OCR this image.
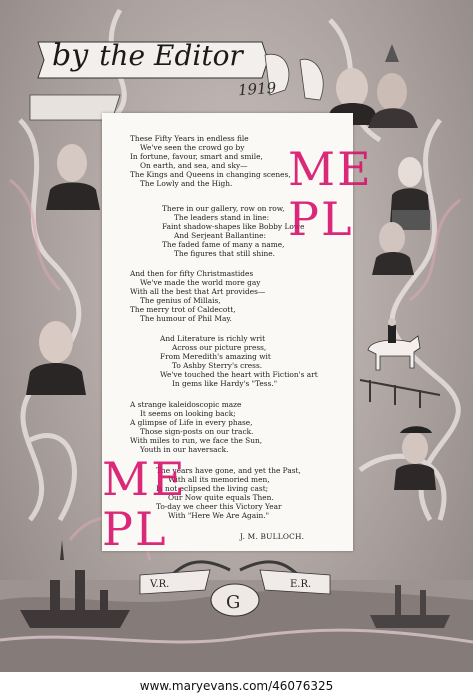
G
by the Editor
1919
V.R.	E.R.
These Fifty Years in endless file
We've seen the crowd go by
In fortune, favour, smart and smile,
On earth, and sea, and sky—
The Kings and Queens in changing scenes,
The Lowly and the High.
There in our gallery, row on row,
The leaders stand in line:
Faint shadow-shapes like Bobby Lowe
And Serjeant Ballantine:
The faded fame of many a name,
The figures that still shine.
And then for fifty Christmastides
We've made the world more gay
With all the best that Art provides—
The genius of Millais,
The merry trot of Caldecott,
The humour of Phil May.
And Literature is richly writ
Across our picture press,
From Meredith's amazing wit
To Ashby Sterry's cress.
We've touched the heart with Fiction's art
In gems like Hardy's "Tess."
A strange kaleidoscopic maze
It seems on looking back;
A glimpse of Life in every phase,
Those sign-posts on our track.
With miles to run, we face the Sun,
Youth in our haversack.
The years have gone, and yet the Past,
With all its memoried men,
Is not eclipsed the living cast;
Our Now quite equals Then.
To-day we cheer this Victory Year
With "Here We Are Again."
J. M. BULLOCH.
ME
PL
ME
PL
www.maryevans.com/46076325
